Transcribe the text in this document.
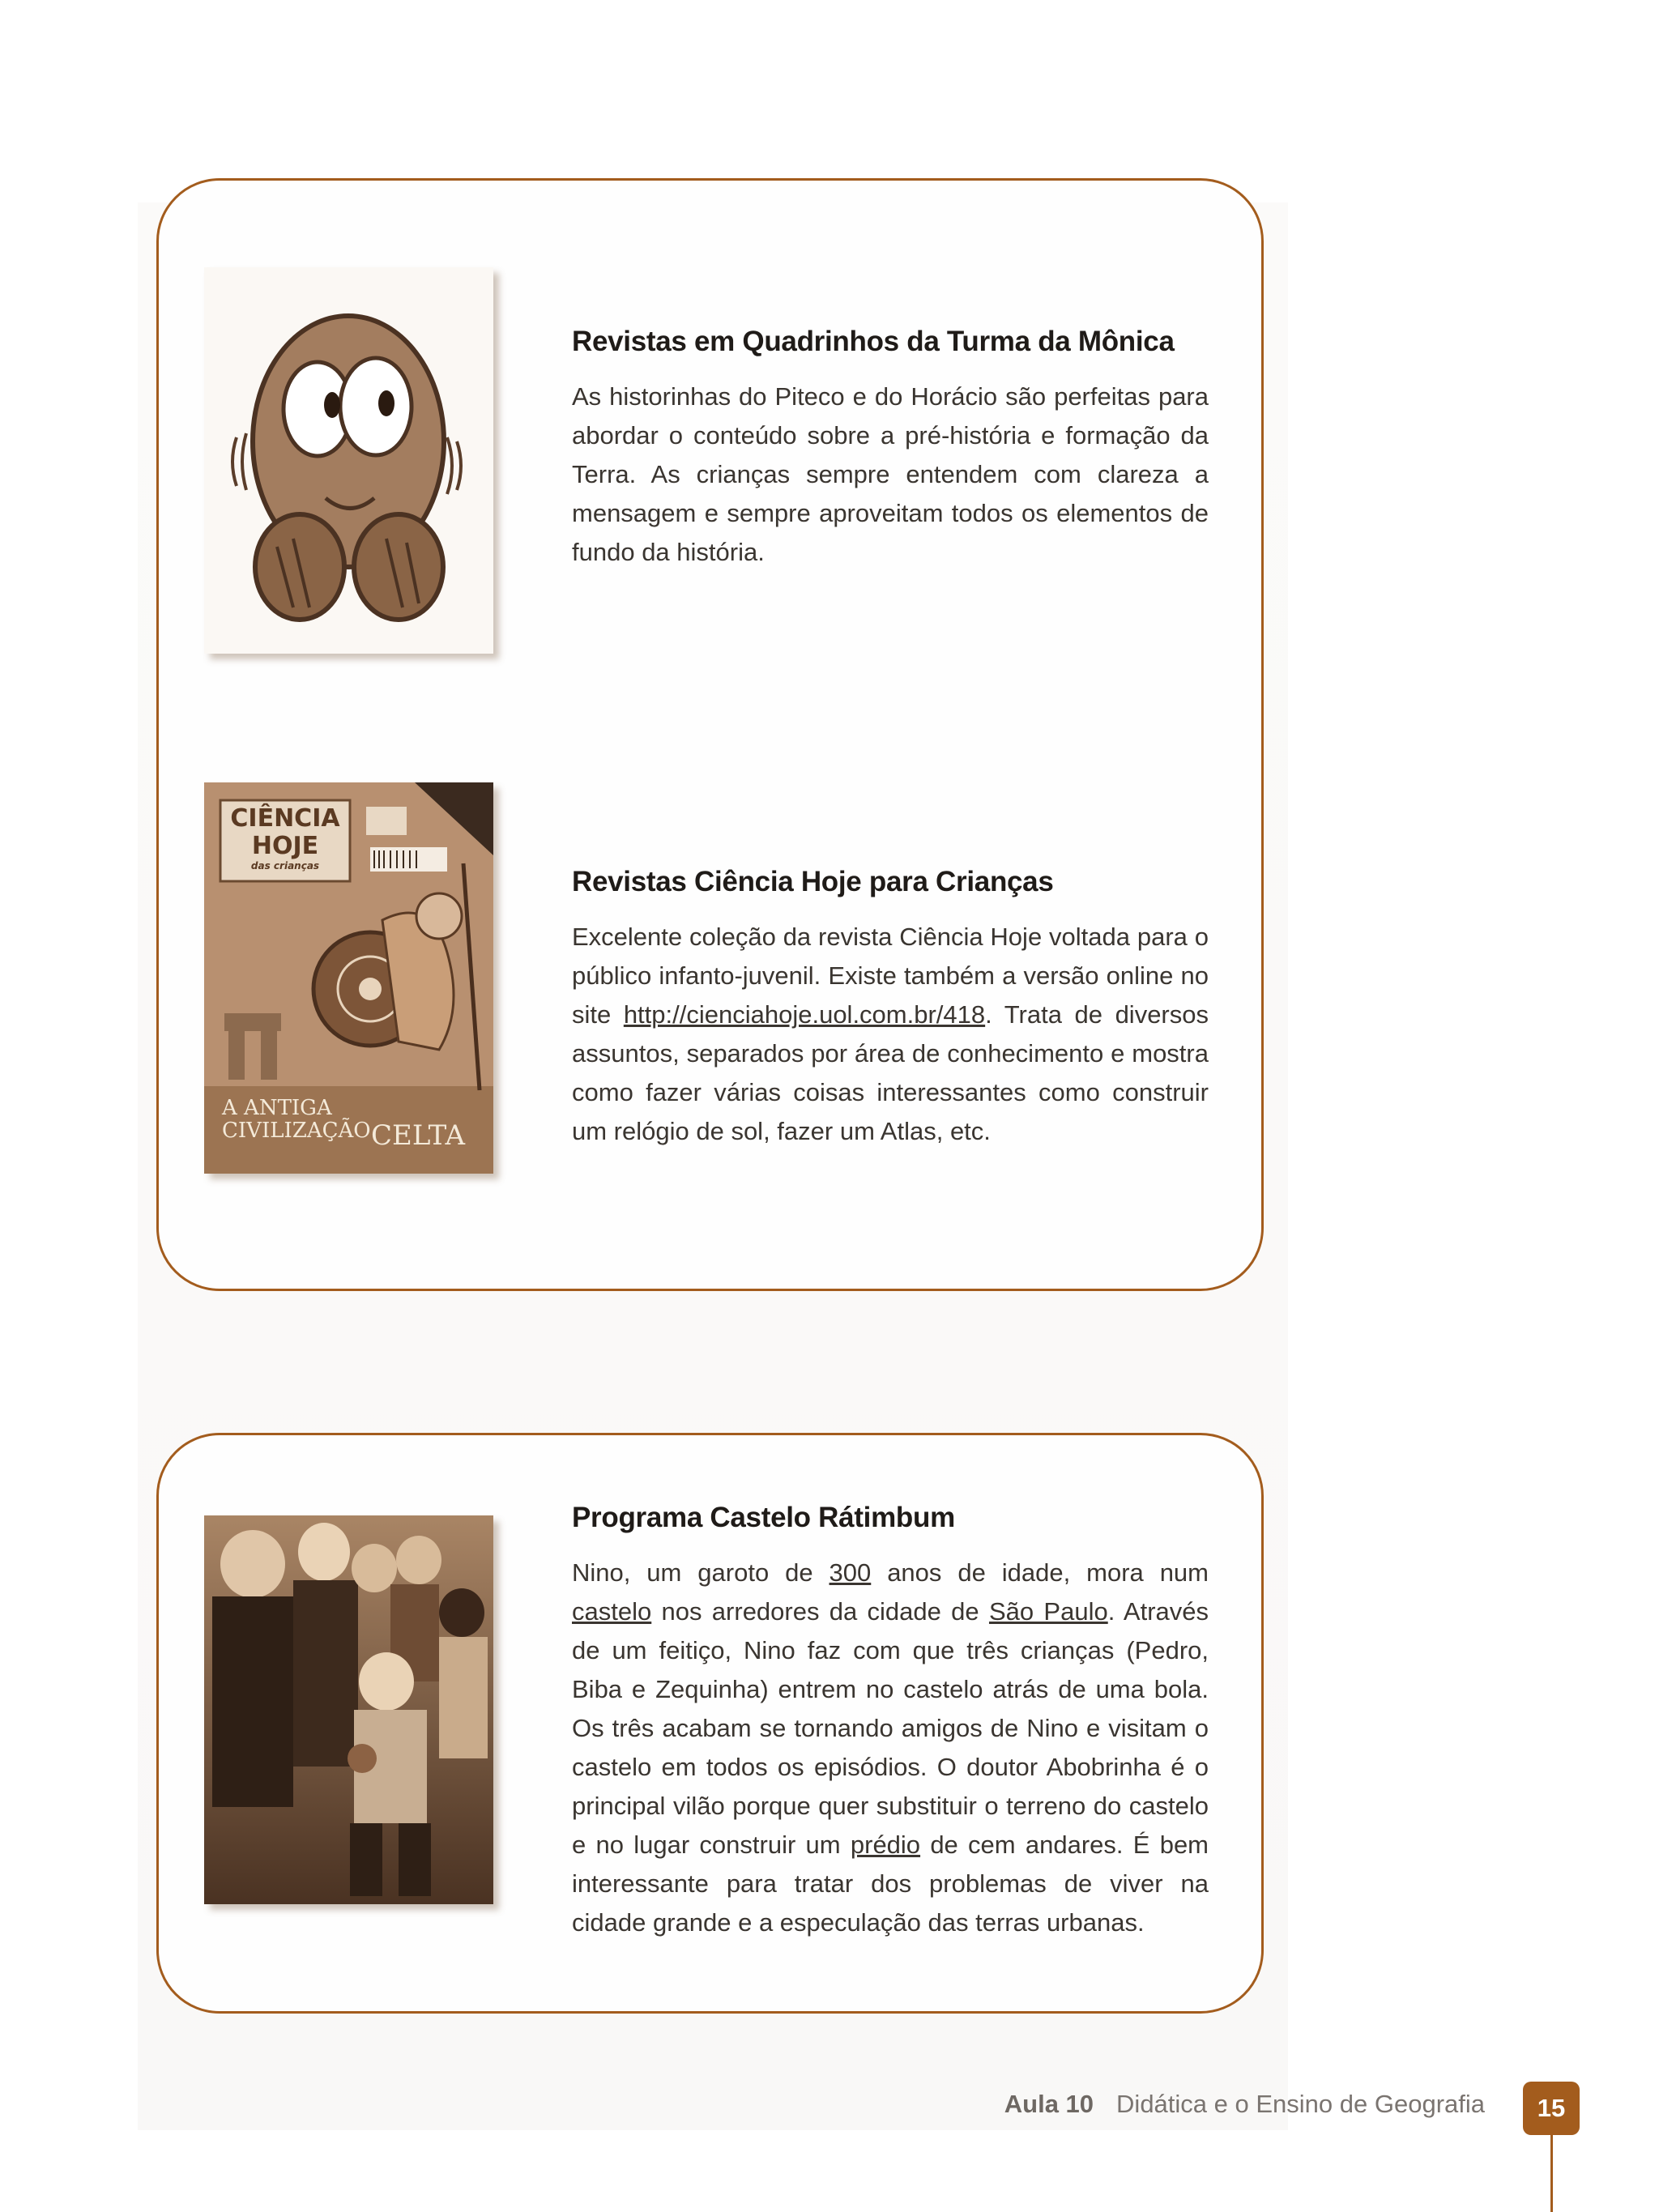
CIÊNCIA
HOJE
das crianças
A ANTIGA
CIVILIZAÇÃO CELTA
Revistas em Quadrinhos da Turma da Mônica

As historinhas do Piteco e do Horácio são perfeitas para abordar o conteúdo sobre a pré-história e formação da Terra. As crianças sempre entendem com clareza a mensagem e sempre aproveitam todos os elementos de fundo da história.

Revistas Ciência Hoje para Crianças

Excelente coleção da revista Ciência Hoje voltada para o público infanto-juvenil. Existe também a versão online no site http://cienciahoje.uol.com.br/418. Trata de diversos assuntos, separados por área de conhecimento e mostra como fazer várias coisas interessantes como construir um relógio de sol, fazer um Atlas, etc.

Programa Castelo Rátimbum

Nino, um garoto de 300 anos de idade, mora num castelo nos arredores da cidade de São Paulo. Através de um feitiço, Nino faz com que três crianças (Pedro, Biba e Zequinha) entrem no castelo atrás de uma bola. Os três acabam se tornando amigos de Nino e visitam o castelo em todos os episódios. O doutor Abobrinha é o principal vilão porque quer substituir o terreno do castelo e no lugar construir um prédio de cem andares. É bem interessante para tratar dos problemas de viver na cidade grande e a especulação das terras urbanas.

Aula 10 Didática e o Ensino de Geografia	15
